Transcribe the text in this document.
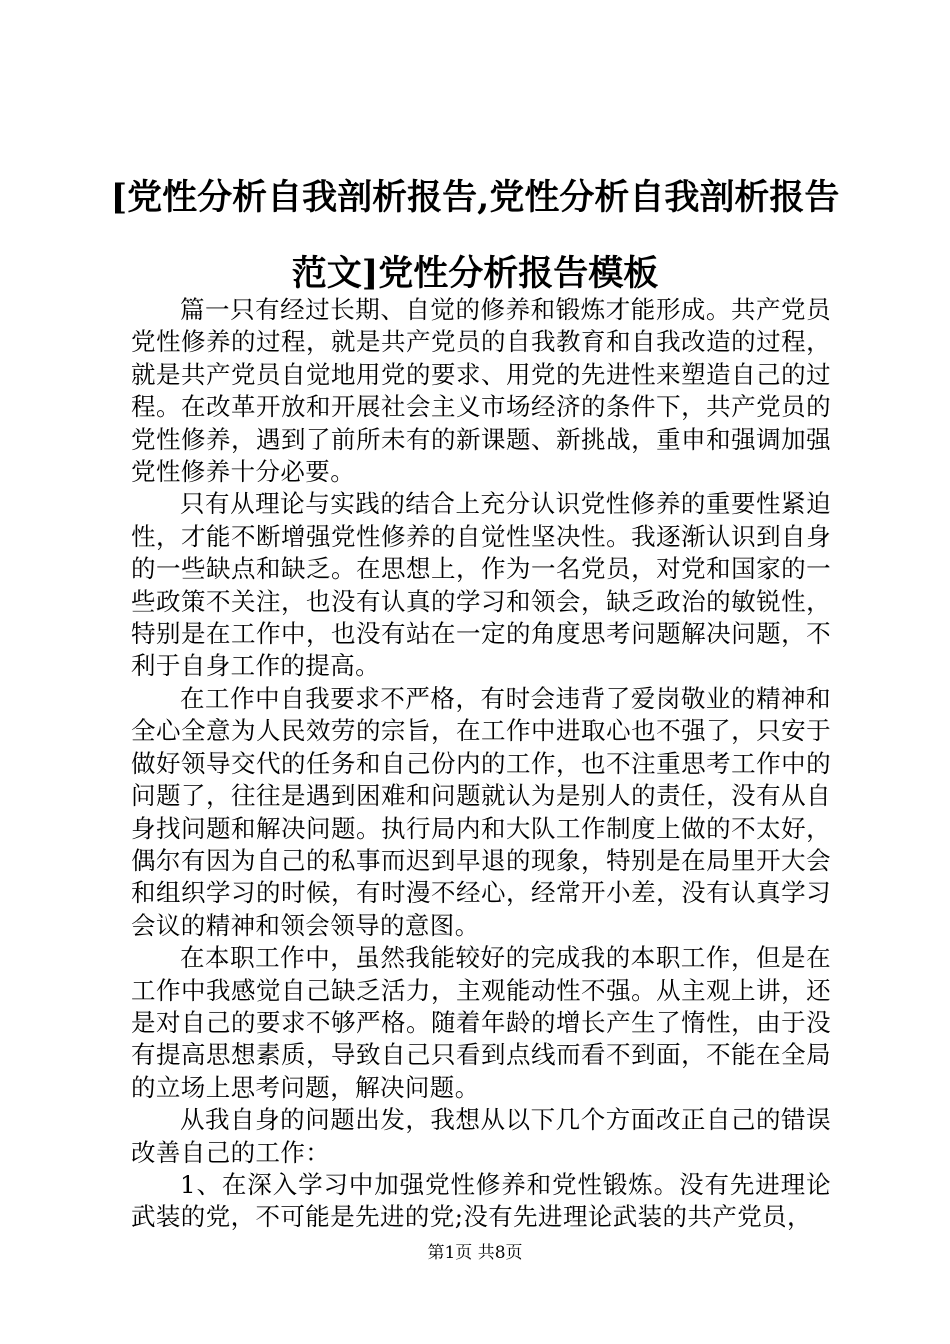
[党性分析自我剖析报告,党性分析自我剖析报告范文]党性分析报告模板

篇一只有经过长期、自觉的修养和锻炼才能形成。共产党员党性修养的过程，就是共产党员的自我教育和自我改造的过程，就是共产党员自觉地用党的要求、用党的先进性来塑造自己的过程。在改革开放和开展社会主义市场经济的条件下，共产党员的党性修养，遇到了前所未有的新课题、新挑战，重申和强调加强党性修养十分必要。

只有从理论与实践的结合上充分认识党性修养的重要性紧迫性，才能不断增强党性修养的自觉性坚决性。我逐渐认识到自身的一些缺点和缺乏。在思想上，作为一名党员，对党和国家的一些政策不关注，也没有认真的学习和领会，缺乏政治的敏锐性，特别是在工作中，也没有站在一定的角度思考问题解决问题，不利于自身工作的提高。

在工作中自我要求不严格，有时会违背了爱岗敬业的精神和全心全意为人民效劳的宗旨，在工作中进取心也不强了，只安于做好领导交代的任务和自己份内的工作，也不注重思考工作中的问题了，往往是遇到困难和问题就认为是别人的责任，没有从自身找问题和解决问题。执行局内和大队工作制度上做的不太好，偶尔有因为自己的私事而迟到早退的现象，特别是在局里开大会和组织学习的时候，有时漫不经心，经常开小差，没有认真学习会议的精神和领会领导的意图。

在本职工作中，虽然我能较好的完成我的本职工作，但是在工作中我感觉自己缺乏活力，主观能动性不强。从主观上讲，还是对自己的要求不够严格。随着年龄的增长产生了惰性，由于没有提高思想素质，导致自己只看到点线而看不到面，不能在全局的立场上思考问题，解决问题。

从我自身的问题出发，我想从以下几个方面改正自己的错误改善自己的工作：

1、在深入学习中加强党性修养和党性锻炼。没有先进理论武装的党，不可能是先进的党;没有先进理论武装的共产党员，

第1页 共8页
